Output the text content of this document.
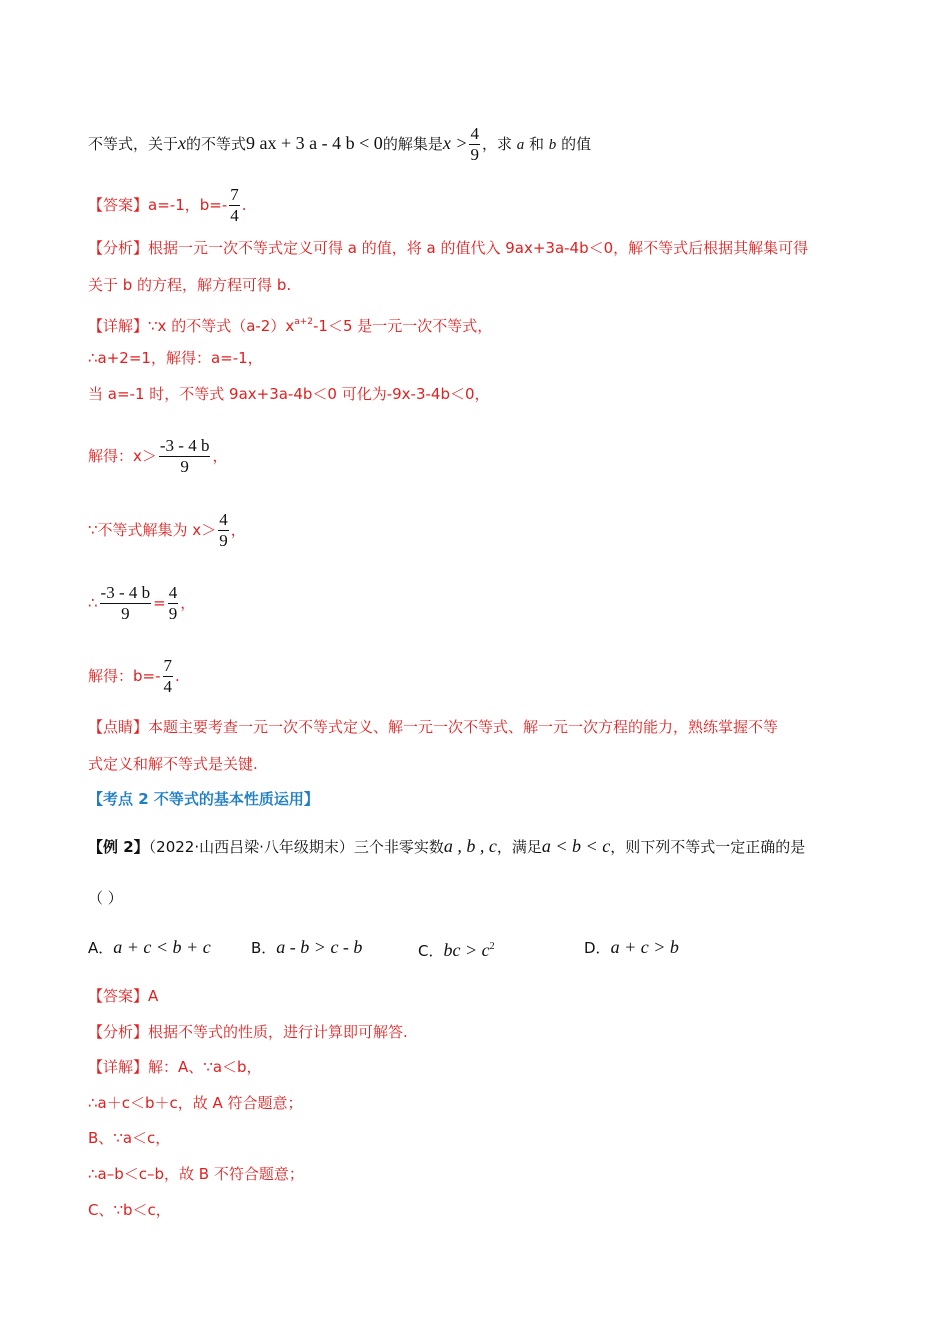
不等式，关于x的不等式9 ax + 3 a - 4 b < 0的解集是$x > \frac{4}{9}$ ，求 a 和 b 的值
【答案】a=-1，$b=- \frac{7}{4}$ .
【分析】根据一元一次不等式定义可得 a 的值，将 a 的值代入 9ax+3a-4b＜0，解不等式后根据其解集可得
关于 b 的方程，解方程可得 b.
【详解】∵x 的不等式$(a-2)x^{a+2}-1<5$ 是一元一次不等式，
∴a+2=1，解得：a=-1，
当 a=-1 时，不等式 9ax+3a-4b＜0 可化为-9x-3-4b＜0，
解得：$x> \frac{-3 - 4 b}{9}$ ，
∵不等式解集为 $x> \frac{4}{9}$ ，
∴ $\frac{-3 - 4 b}{9} = \frac{4}{9}$ ，
解得：$b=- \frac{7}{4}$ .
【点睛】本题主要考查一元一次不等式定义、解一元一次不等式、解一元一次方程的能力，熟练掌握不等
式定义和解不等式是关键.
【考点 2 不等式的基本性质运用】
【例 2】（2022·山西吕梁·八年级期末）三个非零实数a , b , c，满足a < b < c，则下列不等式一定正确的是
（ ）
A．a + c < b + c	B．a - b > c - b	C．bc > $c^2$	D．a + c > b
【答案】A
【分析】根据不等式的性质，进行计算即可解答.
【详解】解：A、∵a＜b，
∴a＋c＜b＋c，故 A 符合题意；
B、∵a＜c，
∴a–b＜c–b，故 B 不符合题意；
C、∵b＜c，
